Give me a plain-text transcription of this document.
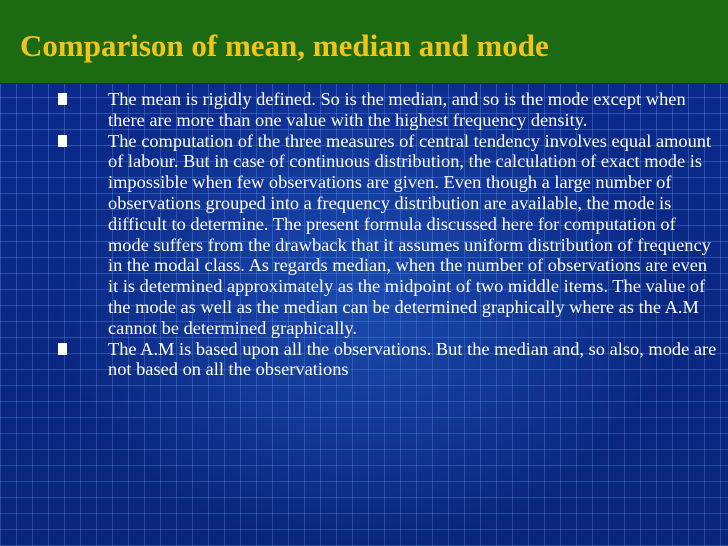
Comparison of mean, median and mode
The mean is rigidly defined. So is the median, and so is the mode except when there are more than one value with the highest frequency density.
The computation of the three measures of central tendency involves equal amount of labour. But in case of continuous distribution, the calculation of exact mode is impossible when few observations are given. Even though a large number of observations grouped into a frequency distribution are available, the mode is difficult to determine. The present formula discussed here for computation of mode suffers from the drawback that it assumes uniform distribution of frequency in the modal class. As regards median, when the number of observations are even it is determined approximately as the midpoint of two middle items. The value of the mode as well as the median can be determined graphically where as the A.M cannot be determined graphically.
The A.M is based upon all the observations. But the median and, so also, mode are not based on all the observations
